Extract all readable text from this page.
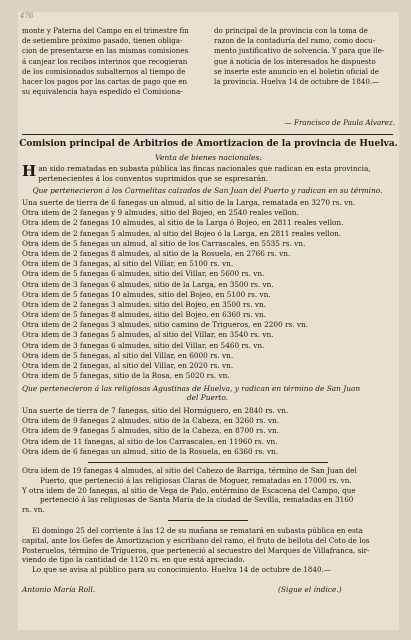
476
monte y Paterna del Campo en el trimestre fin
de setiembre próximo pasado, tienen obliga-
cion de presentarse en las mismas comisiones
á canjear los recibos interinos que recogieran
de los comisionados subalternos al tiempo de
hacer los pagos por las cartas de pago que en
su equivalencia haya espedido el Comisiona-
do principal de la provincia con la toma de
razon de la contaduría del ramo, como docu-
mento justificativo de solvencia. Y para que lle-
gue á noticia de los interesados he dispuesto
se inserte este anuncio en el boletin oficial de
la provincia. Huelva 14 de octubre de 1840.—
— Francisco de Paula Alvarez.
Comision principal de Arbitrios de Amortizacion de la provincia de Huelva.
Venta de bienes nacionales.
H an sido rematadas en subasta pública las fincas nacionales que radican en esta provincia,
pertenecientes á los conventos suprimidos que se espresarán.
Que pertenecieron á los Carmelitas calzados de San Juan del Puerto y radican en su término.
Una suerte de tierra de 6 fanegas un almud, al sitio de la Larga, rematada en 3270 rs. vn.
Otra idem de 2 fanegas y 9 almudes, sitio del Bojeo, en 2540 reales vellon.
Otra idem de 2 fanegas 10 almudes, al sitio de la Larga ó Bojeo, en 2811 reales vellon.
Otra idem de 2 fanegas 5 almudes, al sitio del Bojeo ó la Larga, en 2811 reales vellon.
Otra idem de 5 fanegas un almud, al sitio de los Carrascales, en 5535 rs. vn.
Otra idem de 2 fanegas 8 almudes, al sitio de la Rosuela, en 2766 rs. vn.
Otra idem de 3 fanegas, al sitio del Villar, en 5100 rs. vn.
Otra idem de 5 fanegas 6 almudes, sitio del Villar, en 5600 rs. vn.
Otra idem de 3 fanegas 6 almudes, sitio de la Larga, en 3500 rs. vn.
Otra idem de 5 fanegas 10 almudes, sitio del Bojeo, en 5100 rs. vn.
Otra idem de 2 fanegas 3 almudes, sitio del Bojeo, en 3500 rs. vn.
Otra idem de 5 fanegas 8 almudes, sitio del Bojeo, en 6360 rs. vn.
Otra idem de 2 fanegas 3 almudes, sitio camino de Trigueros, en 2200 rs. vn.
Otra idem de 3 fanegas 5 almudes, al sitio del Villar, en 3540 rs. vn.
Otra idem de 3 fanegas 6 almudes, sitio del Villar, en 5460 rs. vn.
Otra idem de 5 fanegas, al sitio del Villar, en 6000 rs. vn.
Otra idem de 2 fanegas, al sitio del Villar, en 2020 rs. vn.
Otra idem de 5 fanegas, sitio de la Rosa, en 5020 rs. vn.
Que pertenecieron á las religiosas Agustinas de Huelva, y radican en término de San Juan
del Puerto.
Una suerte de tierra de 7 fanegas, sitio del Hormiguero, en 2840 rs. vn.
Otra idem de 9 fanegas 2 almudes, sitio de la Cabeza, en 3260 rs. vn.
Otra idem de 9 fanegas 5 almudes, sitio de la Cabeza, en 8700 rs. vn.
Otra idem de 11 fanegas, al sitio de los Carrascales, en 11960 rs. vn.
Otra idem de 6 fanegas un almud, sitio de la Rosuela, en 6360 rs. vn.
Otra idem de 19 fanegas 4 almudes, al sitio del Cabezo de Barriga, término de San Juan del
Puerto, que perteneció á las religiosas Claras de Moguer, rematadas en 17000 rs. vn.
Y otra idem de 20 fanegas, al sitio de Vega de Palo, entérmino de Escacena del Campo, que
perteneció á las religiosas de Santa María de la ciudad de Sevilla, rematadas en 3160
rs. vn.
El domingo 25 del corriente á las 12 de su mañana se rematará en subasta pública en esta
capital, ante los Gefes de Amortizacion y escribano del ramo, el fruto de bellota del Coto de los
Posteruelos, término de Trigueros, que perteneció al secuestro del Marques de Villafranca, sir-
viendo de tipo la cantidad de 1120 rs. en que está apreciado.
Lo que se avisa al público para su conocimiento. Huelva 14 de octubre de 1840.—
Antonio María Roll.	(Sigue el índice.)
